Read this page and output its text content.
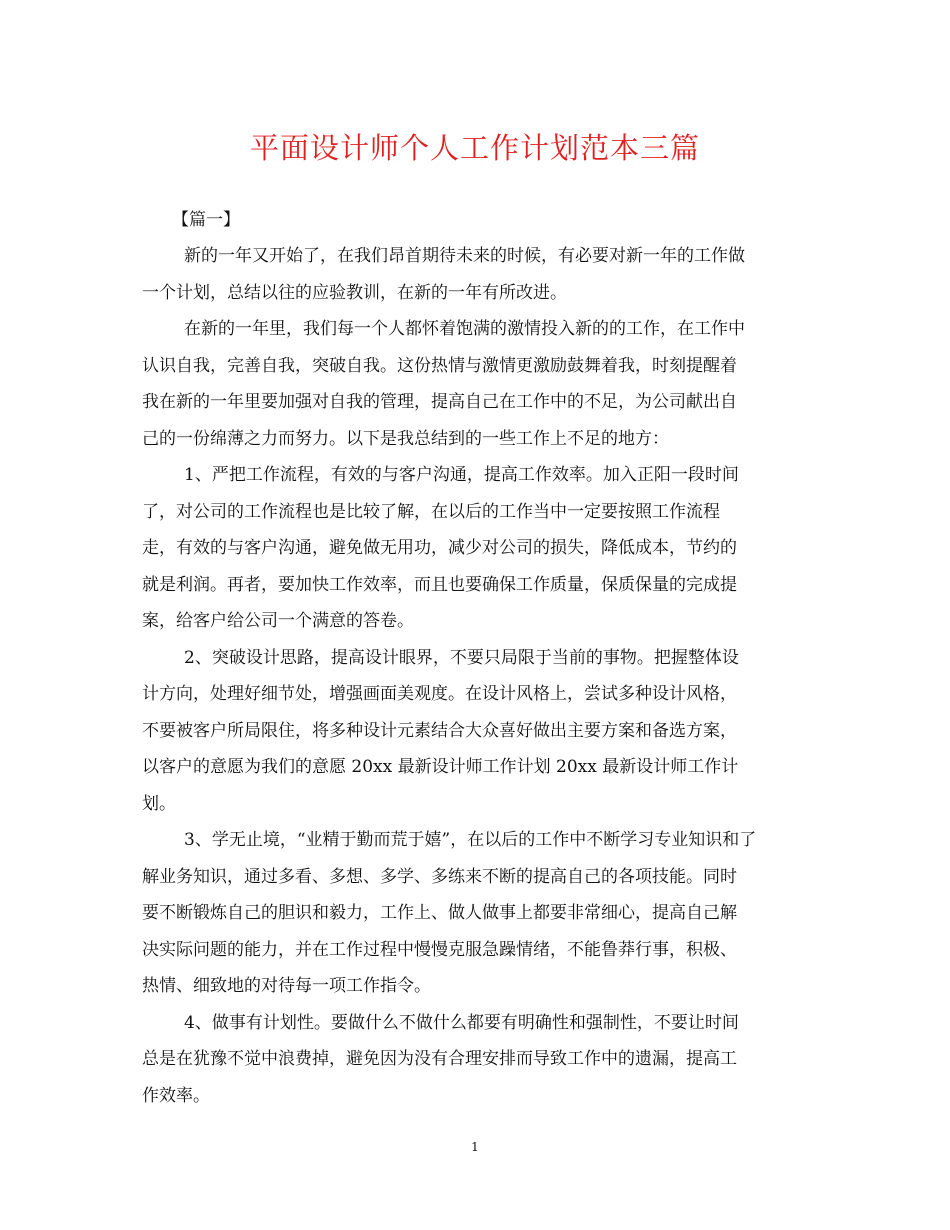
平面设计师个人工作计划范本三篇
【篇一】

新的一年又开始了，在我们昂首期待未来的时候，有必要对新一年的工作做
一个计划，总结以往的应验教训，在新的一年有所改进。

在新的一年里，我们每一个人都怀着饱满的激情投入新的的工作，在工作中
认识自我，完善自我，突破自我。这份热情与激情更激励鼓舞着我，时刻提醒着
我在新的一年里要加强对自我的管理，提高自己在工作中的不足，为公司献出自
己的一份绵薄之力而努力。以下是我总结到的一些工作上不足的地方：

1、严把工作流程，有效的与客户沟通，提高工作效率。加入正阳一段时间
了，对公司的工作流程也是比较了解，在以后的工作当中一定要按照工作流程
走，有效的与客户沟通，避免做无用功，减少对公司的损失，降低成本，节约的
就是利润。再者，要加快工作效率，而且也要确保工作质量，保质保量的完成提
案，给客户给公司一个满意的答卷。

2、突破设计思路，提高设计眼界，不要只局限于当前的事物。把握整体设
计方向，处理好细节处，增强画面美观度。在设计风格上，尝试多种设计风格，
不要被客户所局限住，将多种设计元素结合大众喜好做出主要方案和备选方案，
以客户的意愿为我们的意愿 20xx 最新设计师工作计划 20xx 最新设计师工作计
划。

3、学无止境，“业精于勤而荒于嬉”，在以后的工作中不断学习专业知识和了
解业务知识，通过多看、多想、多学、多练来不断的提高自己的各项技能。同时
要不断锻炼自己的胆识和毅力，工作上、做人做事上都要非常细心，提高自己解
决实际问题的能力，并在工作过程中慢慢克服急躁情绪，不能鲁莽行事，积极、
热情、细致地的对待每一项工作指令。

4、做事有计划性。要做什么不做什么都要有明确性和强制性，不要让时间
总是在犹豫不觉中浪费掉，避免因为没有合理安排而导致工作中的遗漏，提高工
作效率。

1
